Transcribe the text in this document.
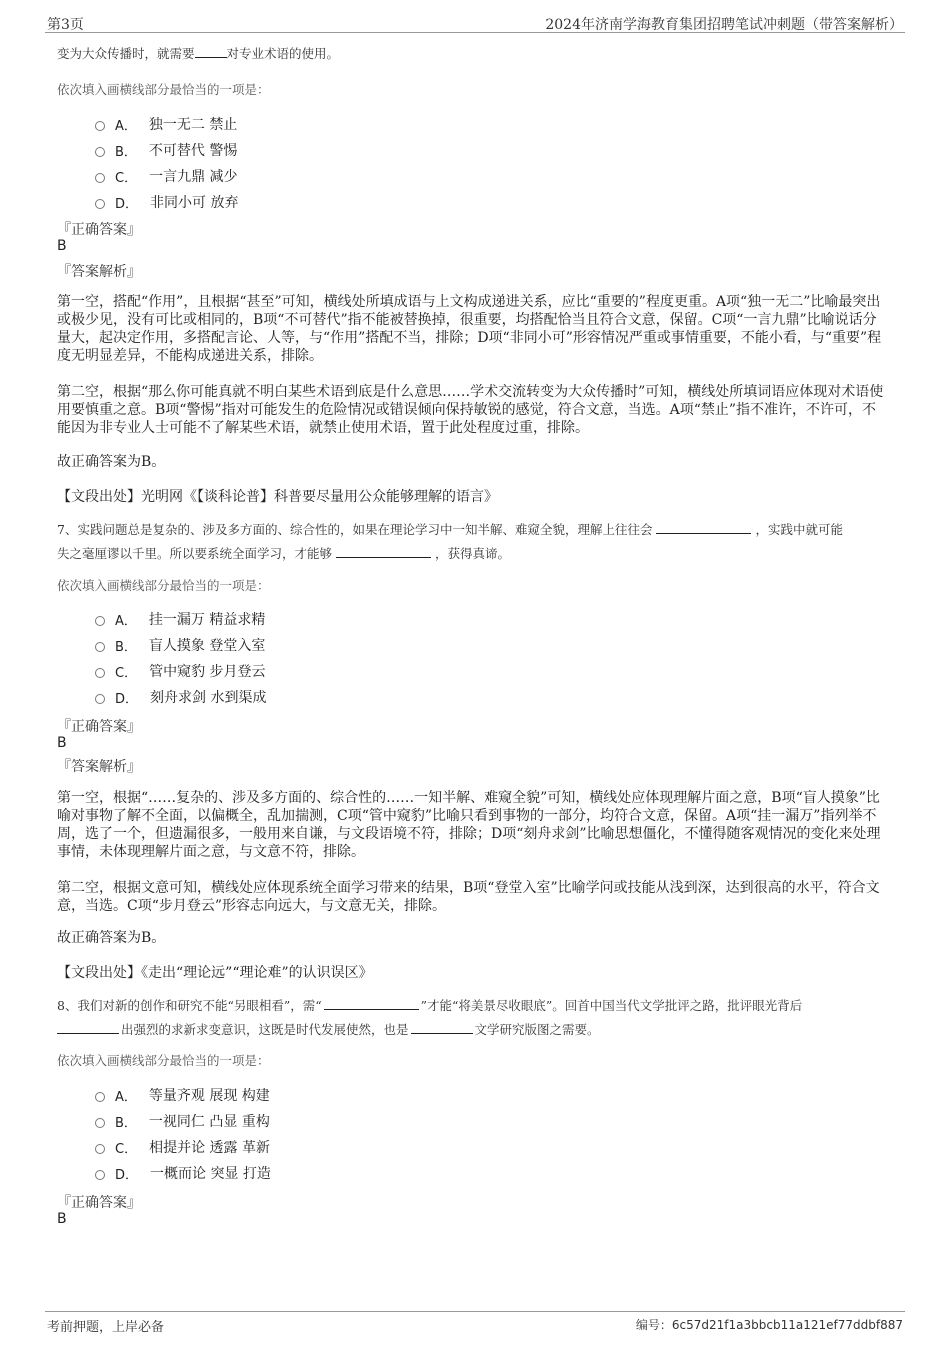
第3页	2024年济南学海教育集团招聘笔试冲刺题（带答案解析）
变为大众传播时，就需要	对专业术语的使用。
依次填入画横线部分最恰当的一项是：
A． 独一无二 禁止
B． 不可替代 警惕
C． 一言九鼎 减少
D． 非同小可 放弃
『正确答案』
B
『答案解析』
第一空，搭配“作用”，且根据“甚至”可知，横线处所填成语与上文构成递进关系，应比“重要的”程度更重。A项“独一无二”比喻最突出或极少见，没有可比或相同的，B项“不可替代”指不能被替换掉，很重要，均搭配恰当且符合文意，保留。C项“一言九鼎”比喻说话分量大，起决定作用，多搭配言论、人等，与“作用”搭配不当，排除；D项“非同小可”形容情况严重或事情重要，不能小看，与“重要”程度无明显差异，不能构成递进关系，排除。
第二空，根据“那么你可能真就不明白某些术语到底是什么意思……学术交流转变为大众传播时”可知，横线处所填词语应体现对术语使用要慎重之意。B项“警惕”指对可能发生的危险情况或错误倾向保持敏锐的感觉，符合文意，当选。A项“禁止”指不准许，不许可，不能因为非专业人士可能不了解某些术语，就禁止使用术语，置于此处程度过重，排除。
故正确答案为B。
【文段出处】光明网《【谈科论普】科普要尽量用公众能够理解的语言》
7、实践问题总是复杂的、涉及多方面的、综合性的，如果在理论学习中一知半解、难窥全貌，理解上往往会	，实践中就可能
失之毫厘谬以千里。所以要系统全面学习，才能够	，获得真谛。
依次填入画横线部分最恰当的一项是：
A． 挂一漏万 精益求精
B． 盲人摸象 登堂入室
C． 管中窥豹 步月登云
D． 刻舟求剑 水到渠成
『正确答案』
B
『答案解析』
第一空，根据“……复杂的、涉及多方面的、综合性的……一知半解、难窥全貌”可知，横线处应体现理解片面之意，B项“盲人摸象”比喻对事物了解不全面，以偏概全，乱加揣测，C项“管中窥豹”比喻只看到事物的一部分，均符合文意，保留。A项“挂一漏万”指列举不周，选了一个，但遗漏很多，一般用来自谦，与文段语境不符，排除；D项“刻舟求剑”比喻思想僵化，不懂得随客观情况的变化来处理事情，未体现理解片面之意，与文意不符，排除。
第二空，根据文意可知，横线处应体现系统全面学习带来的结果，B项“登堂入室”比喻学问或技能从浅到深，达到很高的水平，符合文意，当选。C项“步月登云”形容志向远大，与文意无关，排除。
故正确答案为B。
【文段出处】《走出“理论远”“理论难”的认识误区》
8、我们对新的创作和研究不能“另眼相看”，需“	”才能“将美景尽收眼底”。回首中国当代文学批评之路，批评眼光背后
出强烈的求新求变意识，这既是时代发展使然，也是	文学研究版图之需要。
依次填入画横线部分最恰当的一项是：
A． 等量齐观 展现 构建
B． 一视同仁 凸显 重构
C． 相提并论 透露 革新
D． 一概而论 突显 打造
『正确答案』
B
考前押题，上岸必备	编号：6c57d21f1a3bbcb11a121ef77ddbf887
